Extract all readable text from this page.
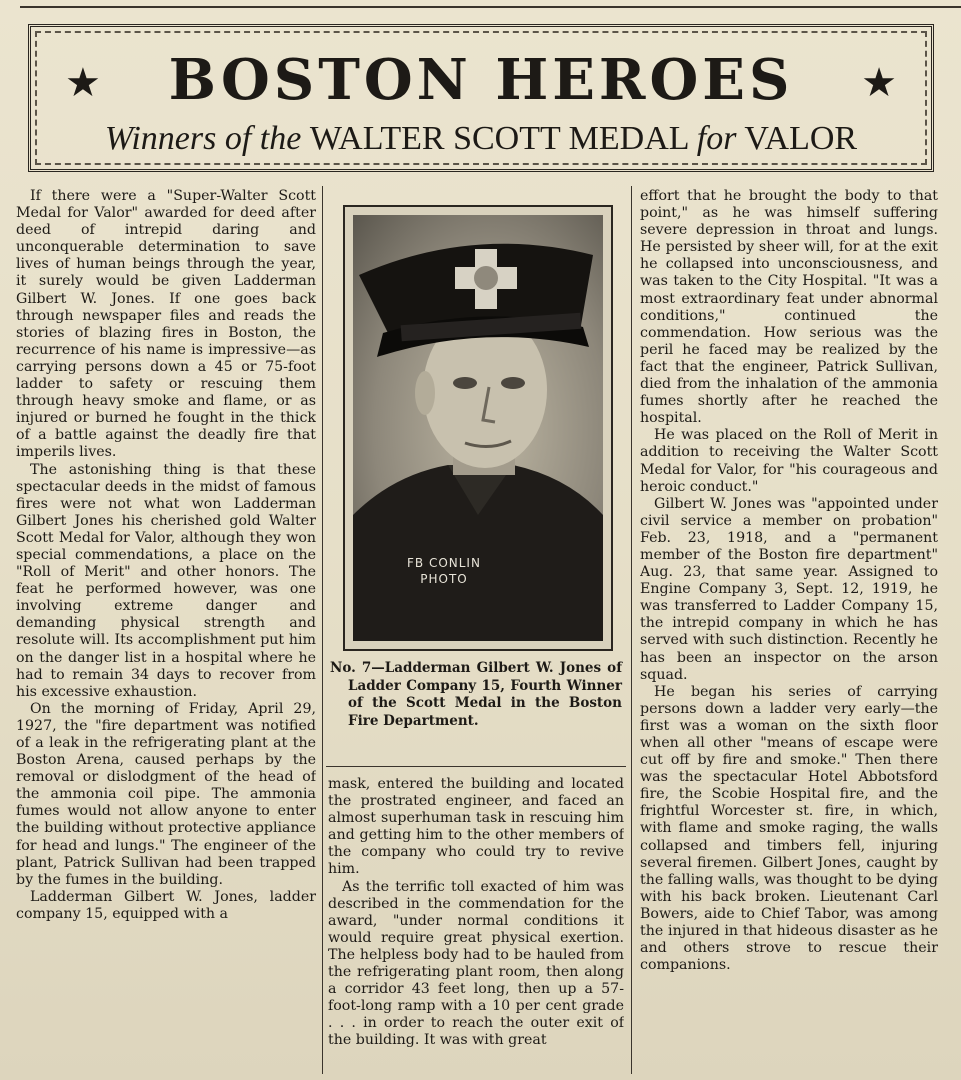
★	BOSTON HEROES	★
Winners of the WALTER SCOTT MEDAL for VALOR

If there were a "Super-Walter Scott Medal for Valor" awarded for deed after deed of intrepid daring and unconquerable determination to save lives of human beings through the year, it surely would be given Ladderman Gilbert W. Jones. If one goes back through newspaper files and reads the stories of blazing fires in Boston, the recurrence of his name is impressive—as carrying persons down a 45 or 75-foot ladder to safety or rescuing them through heavy smoke and flame, or as injured or burned he fought in the thick of a battle against the deadly fire that imperils lives.

The astonishing thing is that these spectacular deeds in the midst of famous fires were not what won Ladderman Gilbert Jones his cherished gold Walter Scott Medal for Valor, although they won special commendations, a place on the "Roll of Merit" and other honors. The feat he performed however, was one involving extreme danger and demanding physical strength and resolute will. Its accomplishment put him on the danger list in a hospital where he had to remain 34 days to recover from his excessive exhaustion.

On the morning of Friday, April 29, 1927, the "fire department was notified of a leak in the refrigerating plant at the Boston Arena, caused perhaps by the removal or dislodgment of the head of the ammonia coil pipe. The ammonia fumes would not allow anyone to enter the building without protective appliance for head and lungs." The engineer of the plant, Patrick Sullivan had been trapped by the fumes in the building.

Ladderman Gilbert W. Jones, ladder company 15, equipped with a

FB CONLIN
PHOTO
No. 7—Ladderman Gilbert W. Jones of Ladder Company 15, Fourth Winner of the Scott Medal in the Boston Fire Department.

mask, entered the building and located the prostrated engineer, and faced an almost superhuman task in rescuing him and getting him to the other members of the company who could try to revive him.

As the terrific toll exacted of him was described in the commendation for the award, "under normal conditions it would require great physical exertion. The helpless body had to be hauled from the refrigerating plant room, then along a corridor 43 feet long, then up a 57-foot-long ramp with a 10 per cent grade . . . in order to reach the outer exit of the building. It was with great

effort that he brought the body to that point," as he was himself suffering severe depression in throat and lungs. He persisted by sheer will, for at the exit he collapsed into unconsciousness, and was taken to the City Hospital. "It was a most extraordinary feat under abnormal conditions," continued the commendation. How serious was the peril he faced may be realized by the fact that the engineer, Patrick Sullivan, died from the inhalation of the ammonia fumes shortly after he reached the hospital.

He was placed on the Roll of Merit in addition to receiving the Walter Scott Medal for Valor, for "his courageous and heroic conduct."

Gilbert W. Jones was "appointed under civil service a member on probation" Feb. 23, 1918, and a "permanent member of the Boston fire department" Aug. 23, that same year. Assigned to Engine Company 3, Sept. 12, 1919, he was transferred to Ladder Company 15, the intrepid company in which he has served with such distinction. Recently he has been an inspector on the arson squad.

He began his series of carrying persons down a ladder very early—the first was a woman on the sixth floor when all other "means of escape were cut off by fire and smoke." Then there was the spectacular Hotel Abbotsford fire, the Scobie Hospital fire, and the frightful Worcester st. fire, in which, with flame and smoke raging, the walls collapsed and timbers fell, injuring several firemen. Gilbert Jones, caught by the falling walls, was thought to be dying with his back broken. Lieutenant Carl Bowers, aide to Chief Tabor, was among the injured in that hideous disaster as he and others strove to rescue their companions.
